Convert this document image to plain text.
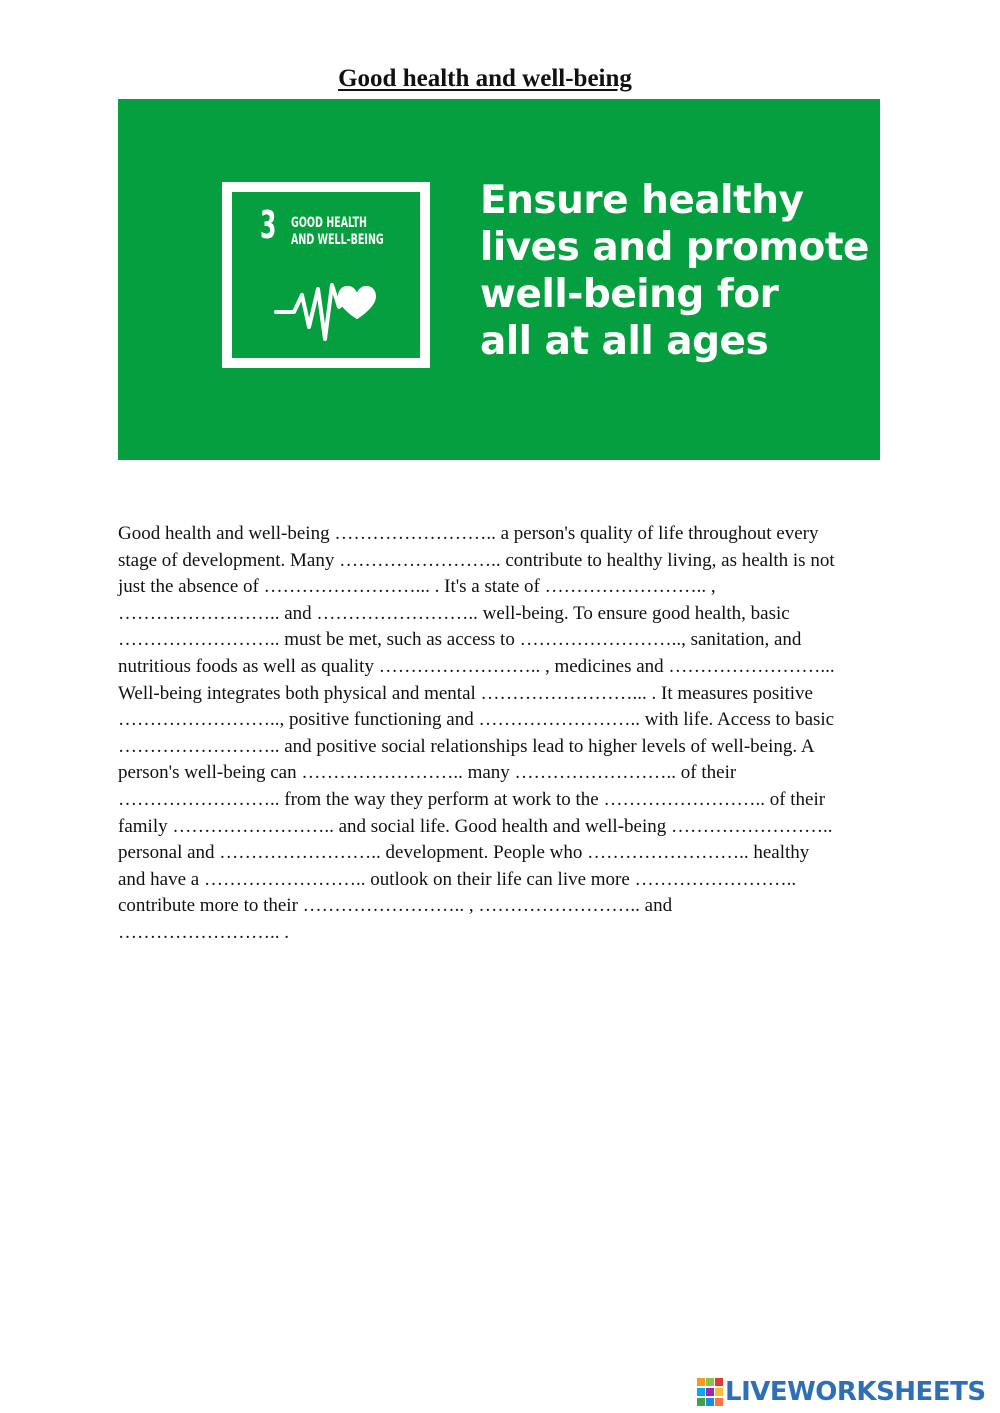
Good health and well-being
3 GOOD HEALTH
AND WELL-BEING
Ensure healthy
lives and promote
well-being for
all at all ages
Good health and well-being …………………….. a person's quality of life throughout every
stage of development. Many …………………….. contribute to healthy living, as health is not
just the absence of ……………………... . It's a state of …………………….. ,
…………………….. and …………………….. well-being. To ensure good health, basic
…………………….. must be met, such as access to …………………….., sanitation, and
nutritious foods as well as quality …………………….. , medicines and ……………………...
Well-being integrates both physical and mental ……………………... . It measures positive
…………………….., positive functioning and …………………….. with life. Access to basic
…………………….. and positive social relationships lead to higher levels of well-being. A
person's well-being can …………………….. many …………………….. of their
…………………….. from the way they perform at work to the …………………….. of their
family …………………….. and social life. Good health and well-being ……………………..
personal and …………………….. development. People who …………………….. healthy
and have a …………………….. outlook on their life can live more ……………………..
contribute more to their …………………….. , …………………….. and
…………………….. .
LIVEWORKSHEETS
